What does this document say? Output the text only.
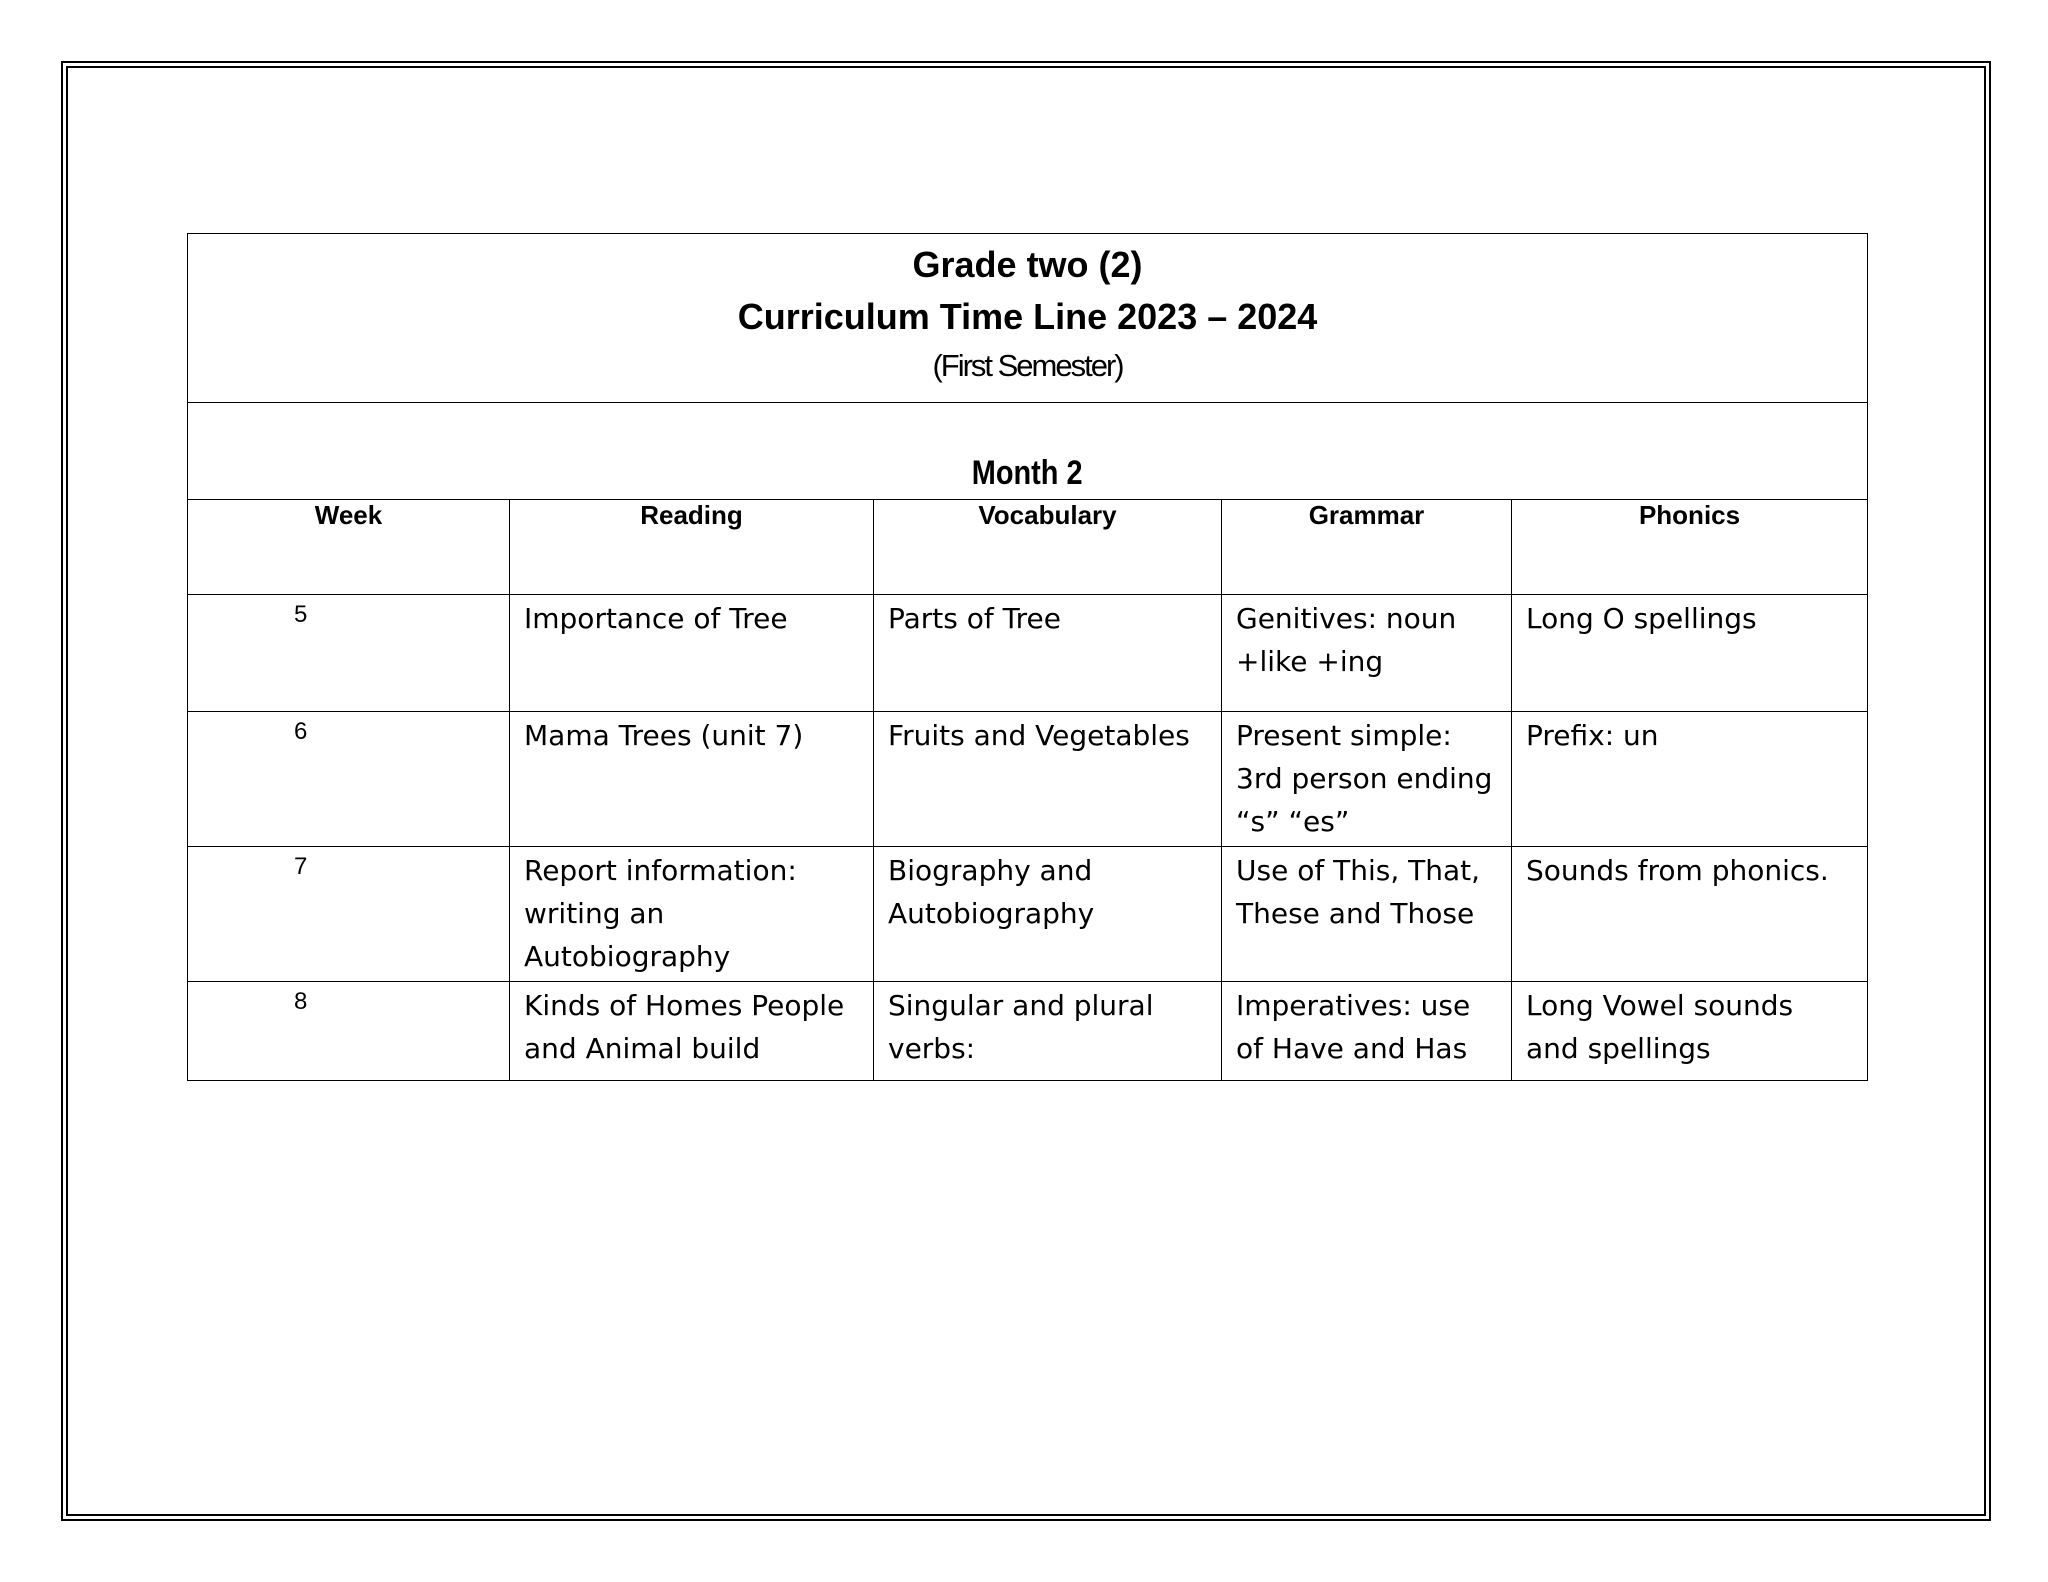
Grade two (2)
Curriculum Time Line 2023 – 2024
(First Semester)				

Month 2				
Week	Reading	Vocabulary	Grammar	Phonics
5	Importance of Tree	Parts of Tree	Genitives: noun +like +ing	Long O spellings
6	Mama Trees (unit 7)	Fruits and Vegetables	Present simple: 3rd person ending “s” “es”	Prefix: un
7	Report information: writing an Autobiography	Biography and Autobiography	Use of This, That, These and Those	Sounds from phonics.
8	Kinds of Homes People and Animal build	Singular and plural verbs:	Imperatives: use of Have and Has	Long Vowel sounds and spellings
